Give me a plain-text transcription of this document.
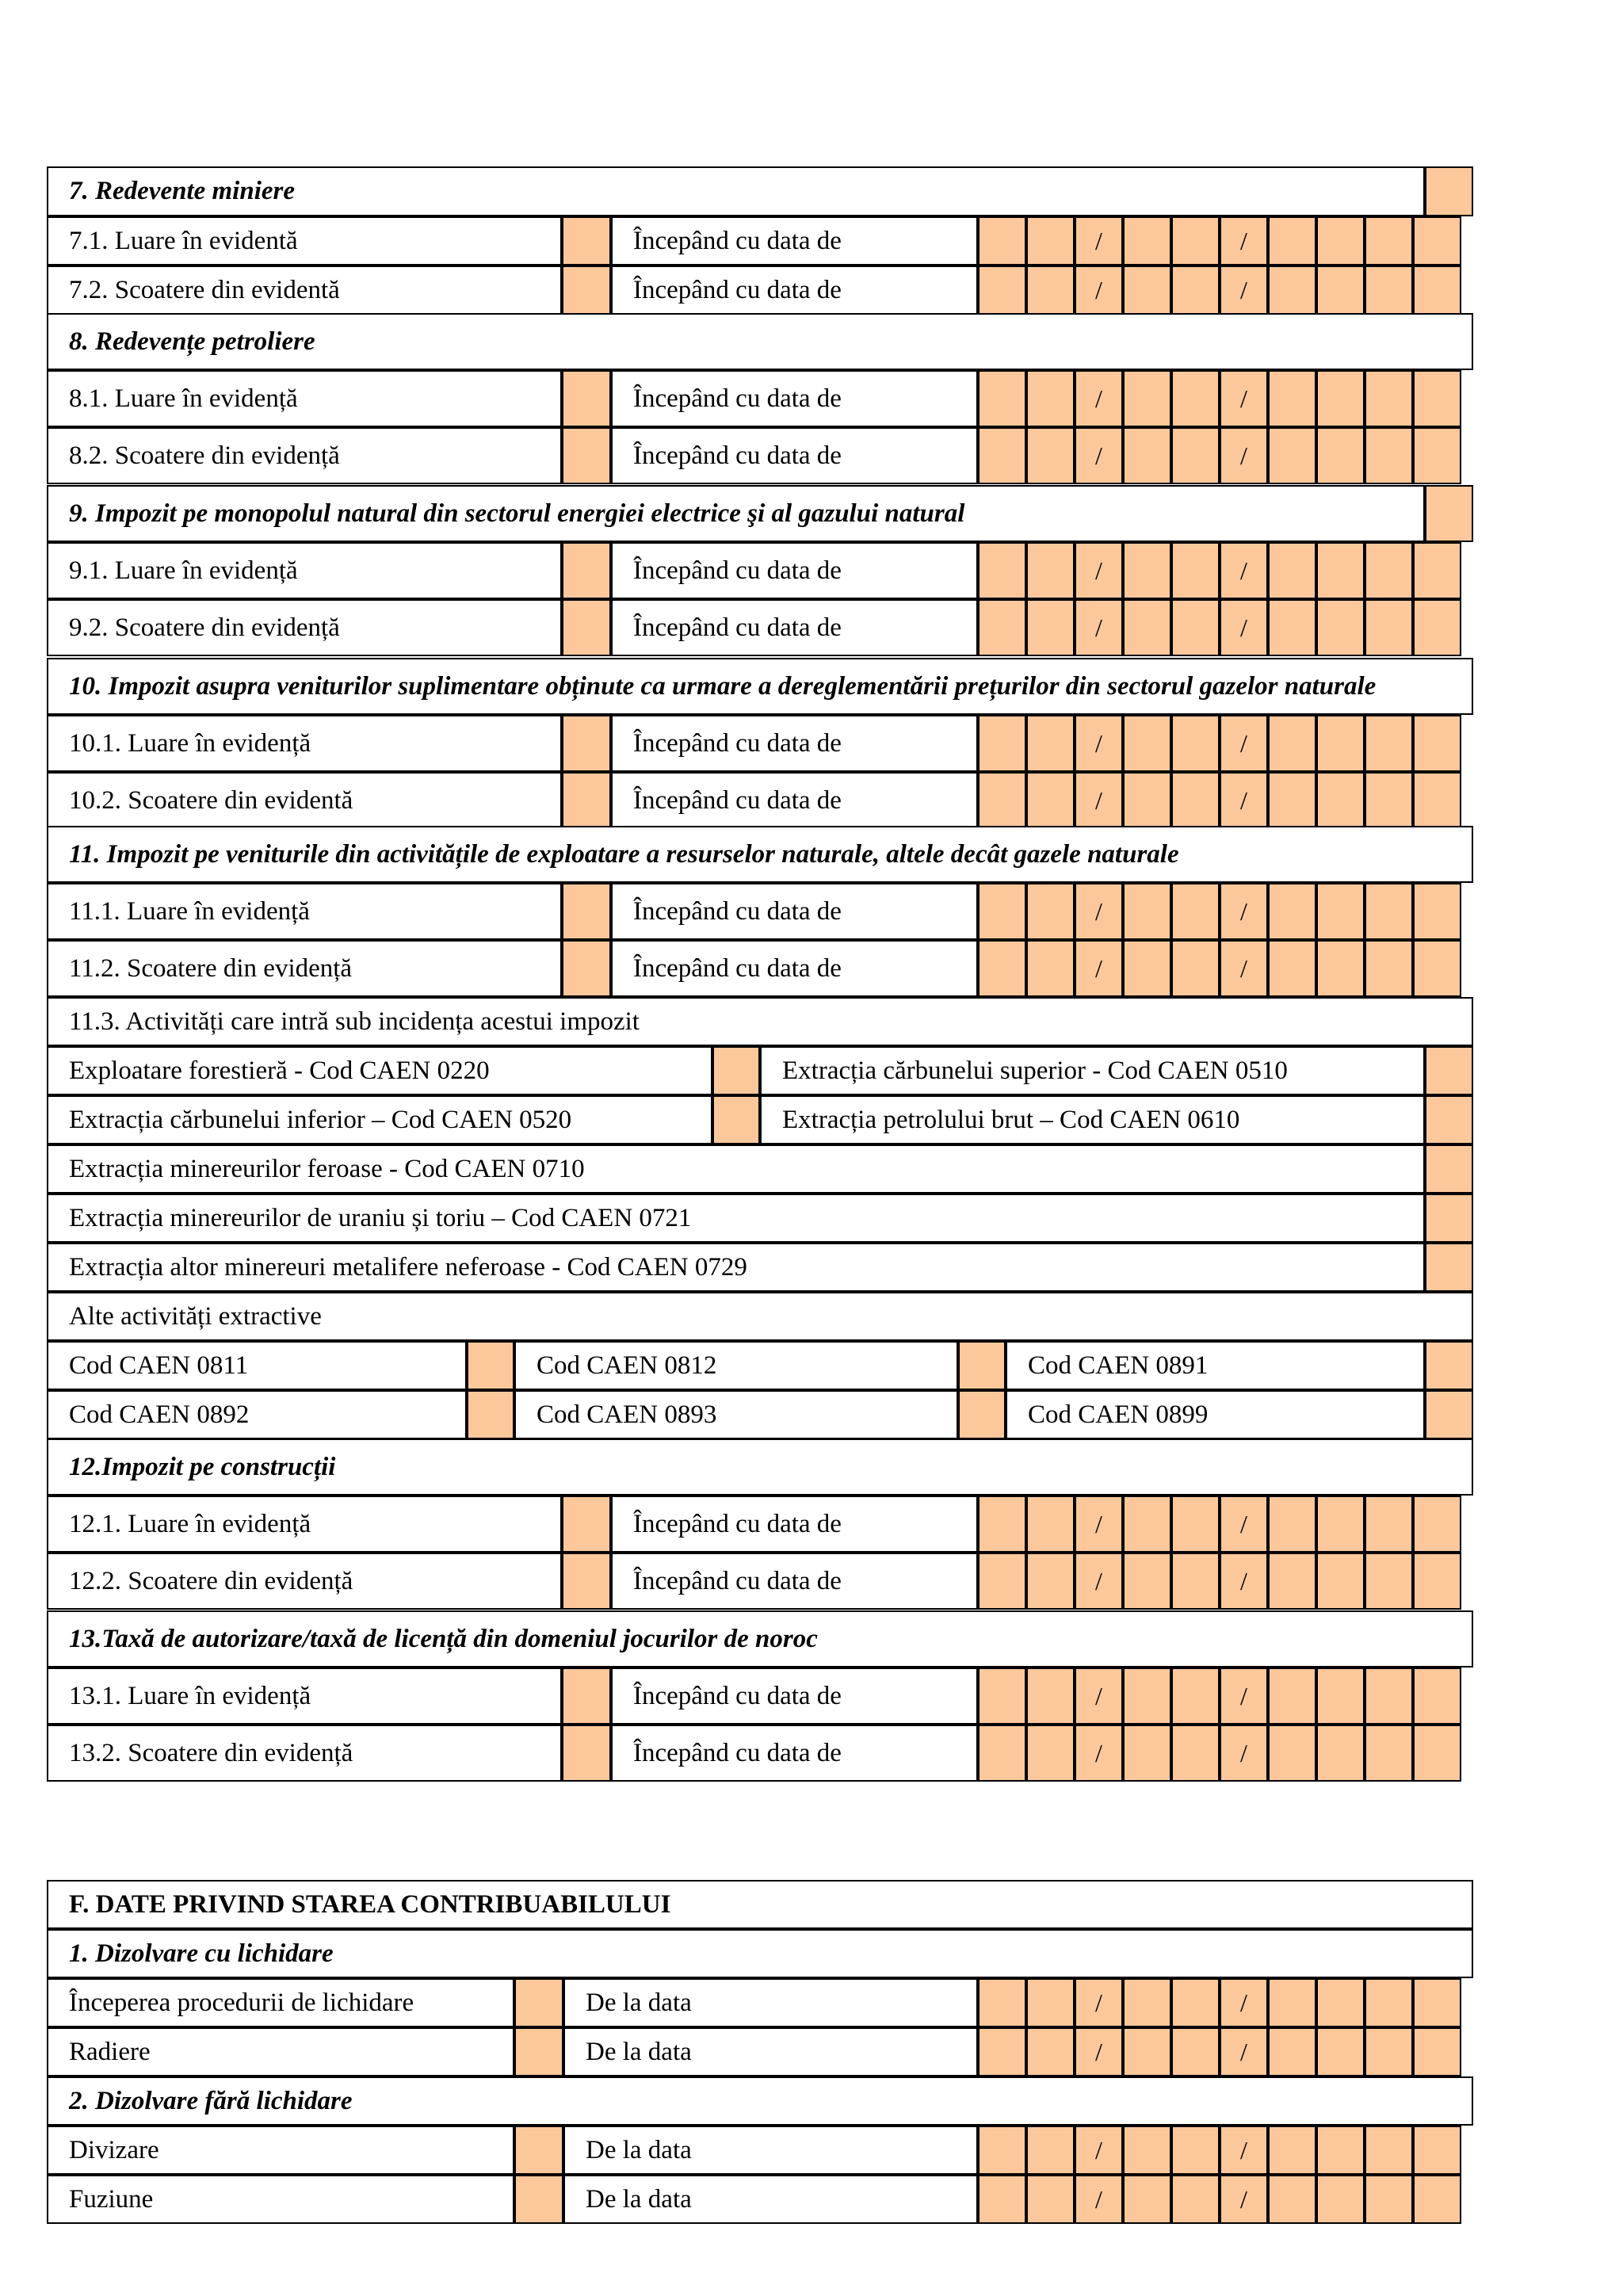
7. Redevente miniere
7.1. Luare în evidentă	Începând cu data de	/	/
7.2. Scoatere din evidentă	Începând cu data de	/	/
8. Redevențe petroliere
8.1. Luare în evidență	Începând cu data de	/	/
8.2. Scoatere din evidență	Începând cu data de	/	/
9. Impozit pe monopolul natural din sectorul energiei electrice şi al gazului natural
9.1. Luare în evidență	Începând cu data de	/	/
9.2. Scoatere din evidență	Începând cu data de	/	/
10. Impozit asupra veniturilor suplimentare obținute ca urmare a dereglementării prețurilor din sectorul gazelor naturale
10.1. Luare în evidență	Începând cu data de	/	/
10.2. Scoatere din evidentă	Începând cu data de	/	/
11. Impozit pe veniturile din activitățile de exploatare a resurselor naturale, altele decât gazele naturale
11.1. Luare în evidență	Începând cu data de	/	/
11.2. Scoatere din evidență	Începând cu data de	/	/
12.Impozit pe construcții
12.1. Luare în evidență	Începând cu data de	/	/
12.2. Scoatere din evidență	Începând cu data de	/	/
13.Taxă de autorizare/taxă de licență din domeniul jocurilor de noroc
13.1. Luare în evidență	Începând cu data de	/	/
13.2. Scoatere din evidență	Începând cu data de	/	/
11.3. Activități care intră sub incidența acestui impozit
Exploatare forestieră - Cod CAEN 0220	Extracția cărbunelui superior - Cod CAEN 0510
Extracția cărbunelui inferior – Cod CAEN 0520	Extracția petrolului brut – Cod CAEN 0610
Extracția minereurilor feroase - Cod CAEN 0710
Extracția minereurilor de uraniu și toriu – Cod CAEN 0721
Extracția altor minereuri metalifere neferoase - Cod CAEN 0729
Alte activități extractive
Cod CAEN 0811	Cod CAEN 0812	Cod CAEN 0891
Cod CAEN 0892	Cod CAEN 0893	Cod CAEN 0899
F. DATE PRIVIND STAREA CONTRIBUABILULUI
1. Dizolvare cu lichidare
Începerea procedurii de lichidare	De la data	/	/
Radiere	De la data	/	/
2. Dizolvare fără lichidare
Divizare	De la data	/	/
Fuziune	De la data	/	/
